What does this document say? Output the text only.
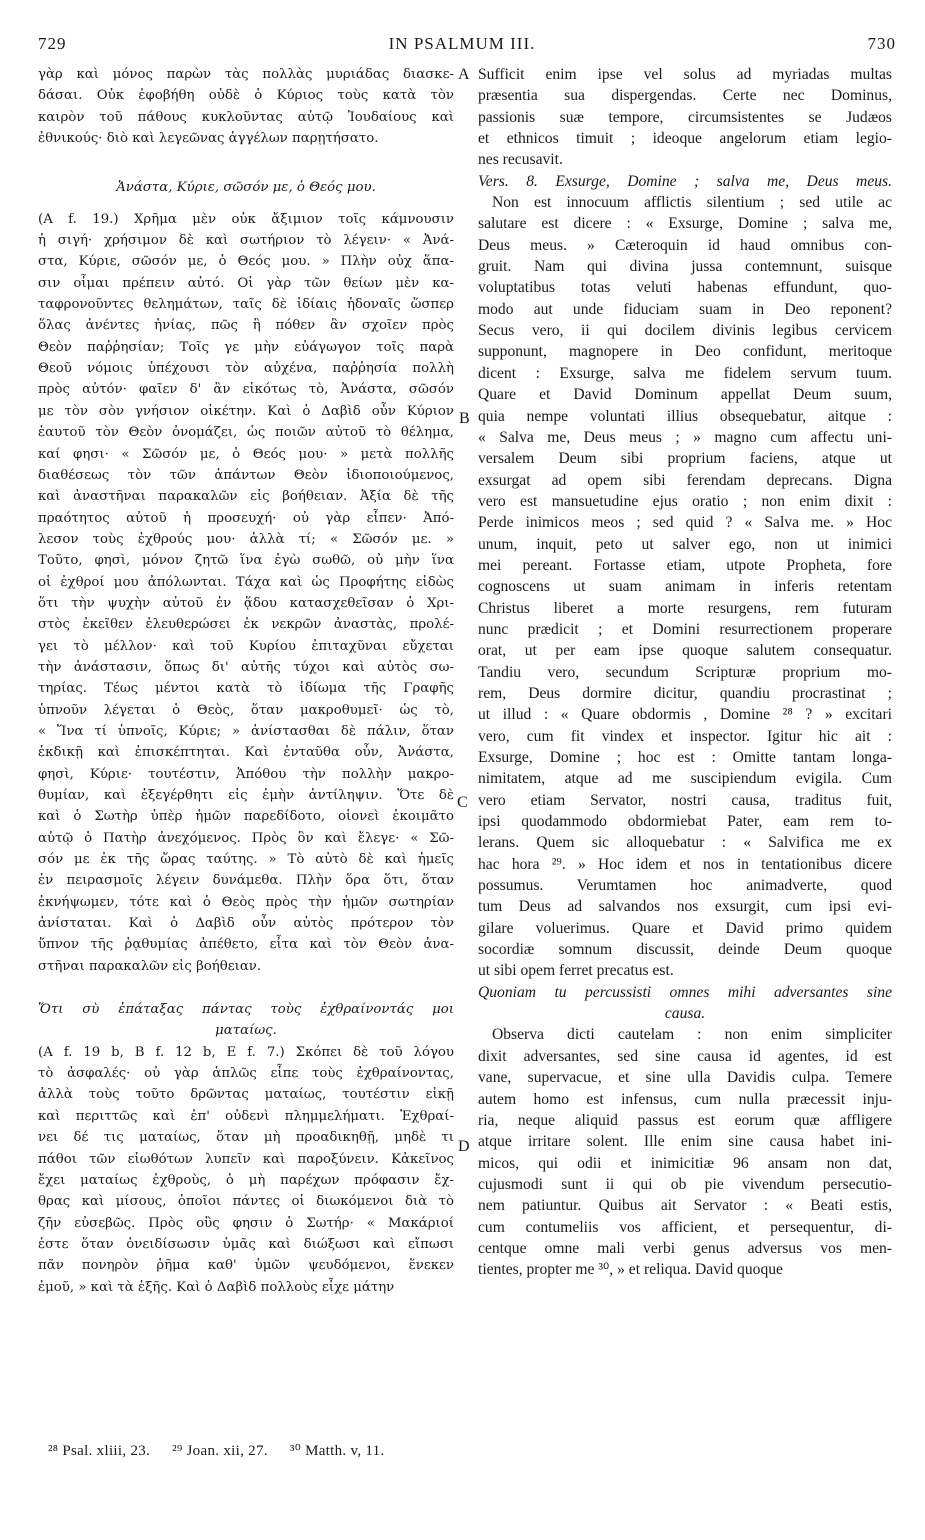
729	IN PSALMUM III.	730
A
B
C
D
γὰρ καὶ μόνος παρὼν τὰς πολλὰς μυριάδας διασκε-
δάσαι. Οὐκ ἐφοβήθη οὐδὲ ὁ Κύριος τοὺς κατὰ τὸν
καιρὸν τοῦ πάθους κυκλοῦντας αὐτῷ Ἰουδαίους καὶ
ἐθνικούς· διὸ καὶ λεγεῶνας ἀγγέλων παρῃτήσατο.
Ἀνάστα, Κύριε, σῶσόν με, ὁ Θεός μου.
(A f. 19.) Χρῆμα μὲν οὐκ ἄξιμιον τοῖς κάμνουσιν
ἡ σιγή· χρήσιμον δὲ καὶ σωτήριον τὸ λέγειν· « Ἀνά-
στα, Κύριε, σῶσόν με, ὁ Θεός μου. » Πλὴν οὐχ ἅπα-
σιν οἶμαι πρέπειν αὐτό. Οἱ γὰρ τῶν θείων μὲν κα-
ταφρονοῦντες θελημάτων, ταῖς δὲ ἰδίαις ἡδοναῖς ὥσπερ
ὅλας ἀνέντες ἡνίας, πῶς ἢ πόθεν ἂν σχοῖεν πρὸς
Θεὸν παῤῥησίαν; Τοῖς γε μὴν εὐάγωγον τοῖς παρὰ
Θεοῦ νόμοις ὑπέχουσι τὸν αὐχένα, παῤῥησία πολλὴ
πρὸς αὐτόν· φαῖεν δ' ἂν εἰκότως τὸ, Ἀνάστα, σῶσόν
με τὸν σὸν γνήσιον οἰκέτην. Καὶ ὁ Δαβὶδ οὖν Κύριον
ἑαυτοῦ τὸν Θεὸν ὀνομάζει, ὡς ποιῶν αὐτοῦ τὸ θέλημα,
καί φησι· « Σῶσόν με, ὁ Θεός μου· » μετὰ πολλῆς
διαθέσεως τὸν τῶν ἁπάντων Θεὸν ἰδιοποιούμενος,
καὶ ἀναστῆναι παρακαλῶν εἰς βοήθειαν. Ἀξία δὲ τῆς
πραότητος αὐτοῦ ἡ προσευχή· οὐ γὰρ εἶπεν· Ἀπό-
λεσον τοὺς ἐχθρούς μου· ἀλλὰ τί; « Σῶσόν με. »
Τοῦτο, φησὶ, μόνον ζητῶ ἵνα ἐγὼ σωθῶ, οὐ μὴν ἵνα
οἱ ἐχθροί μου ἀπόλωνται. Τάχα καὶ ὡς Προφήτης εἰδὼς
ὅτι τὴν ψυχὴν αὐτοῦ ἐν ᾅδου κατασχεθεῖσαν ὁ Χρι-
στὸς ἐκεῖθεν ἐλευθερώσει ἐκ νεκρῶν ἀναστὰς, προλέ-
γει τὸ μέλλον· καὶ τοῦ Κυρίου ἐπιταχῦναι εὔχεται
τὴν ἀνάστασιν, ὅπως δι' αὐτῆς τύχοι καὶ αὐτὸς σω-
τηρίας. Τέως μέντοι κατὰ τὸ ἰδίωμα τῆς Γραφῆς
ὑπνοῦν λέγεται ὁ Θεὸς, ὅταν μακροθυμεῖ· ὡς τὸ,
« Ἵνα τί ὑπνοῖς, Κύριε; » ἀνίστασθαι δὲ πάλιν, ὅταν
ἐκδικῇ καὶ ἐπισκέπτηται. Καὶ ἐνταῦθα οὖν, Ἀνάστα,
φησὶ, Κύριε· τουτέστιν, Ἀπόθου τὴν πολλὴν μακρο-
θυμίαν, καὶ ἐξεγέρθητι εἰς ἐμὴν ἀντίληψιν. Ὅτε δὲ
καὶ ὁ Σωτὴρ ὑπὲρ ἡμῶν παρεδίδοτο, οἱονεὶ ἐκοιμᾶτο
αὐτῷ ὁ Πατὴρ ἀνεχόμενος. Πρὸς ὃν καὶ ἔλεγε· « Σῶ-
σόν με ἐκ τῆς ὥρας ταύτης. » Τὸ αὐτὸ δὲ καὶ ἡμεῖς
ἐν πειρασμοῖς λέγειν δυνάμεθα. Πλὴν ὅρα ὅτι, ὅταν
ἐκνήψωμεν, τότε καὶ ὁ Θεὸς πρὸς τὴν ἡμῶν σωτηρίαν
ἀνίσταται. Καὶ ὁ Δαβὶδ οὖν αὐτὸς πρότερον τὸν
ὕπνον τῆς ῥᾳθυμίας ἀπέθετο, εἶτα καὶ τὸν Θεὸν ἀνα-
στῆναι παρακαλῶν εἰς βοήθειαν.
Ὅτι σὺ ἐπάταξας πάντας τοὺς ἐχθραίνοντάς μοι
ματαίως.
(A f. 19 b, B f. 12 b, E f. 7.) Σκόπει δὲ τοῦ λόγου
τὸ ἀσφαλές· οὐ γὰρ ἁπλῶς εἶπε τοὺς ἐχθραίνοντας,
ἀλλὰ τοὺς τοῦτο δρῶντας ματαίως, τουτέστιν εἰκῇ
καὶ περιττῶς καὶ ἐπ' οὐδενὶ πλημμελήματι. Ἐχθραί-
νει δέ τις ματαίως, ὅταν μὴ προαδικηθῇ, μηδὲ τι
πάθοι τῶν εἰωθότων λυπεῖν καὶ παροξύνειν. Κἀκεῖνος
ἔχει ματαίως ἐχθροὺς, ὁ μὴ παρέχων πρόφασιν ἔχ-
θρας καὶ μίσους, ὁποῖοι πάντες οἱ διωκόμενοι διὰ τὸ
ζῆν εὐσεβῶς. Πρὸς οὓς φησιν ὁ Σωτήρ· « Μακάριοί
ἐστε ὅταν ὀνειδίσωσιν ὑμᾶς καὶ διώξωσι καὶ εἴπωσι
πᾶν πονηρὸν ῥῆμα καθ' ὑμῶν ψευδόμενοι, ἕνεκεν
ἐμοῦ, » καὶ τὰ ἑξῆς. Καὶ ὁ Δαβὶδ πολλοὺς εἶχε μάτην
Sufficit enim ipse vel solus ad myriadas multas
præsentia sua dispergendas. Certe nec Dominus,
passionis suæ tempore, circumsistentes se Judæos
et ethnicos timuit ; ideoque angelorum etiam legio-
nes recusavit.
Vers. 8. Exsurge, Domine ; salva me, Deus meus.
Non est innocuum afflictis silentium ; sed utile ac
salutare est dicere : « Exsurge, Domine ; salva me,
Deus meus. » Cæteroquin id haud omnibus con-
gruit. Nam qui divina jussa contemnunt, suisque
voluptatibus totas veluti habenas effundunt, quo-
modo aut unde fiduciam suam in Deo reponent?
Secus vero, ii qui docilem divinis legibus cervicem
supponunt, magnopere in Deo confidunt, meritoque
dicent : Exsurge, salva me fidelem servum tuum.
Quare et David Dominum appellat Deum suum,
quia nempe voluntati illius obsequebatur, aitque :
« Salva me, Deus meus ; » magno cum affectu uni-
versalem Deum sibi proprium faciens, atque ut
exsurgat ad opem sibi ferendam deprecans. Digna
vero est mansuetudine ejus oratio ; non enim dixit :
Perde inimicos meos ; sed quid ? « Salva me. » Hoc
unum, inquit, peto ut salver ego, non ut inimici
mei pereant. Fortasse etiam, utpote Propheta, fore
cognoscens ut suam animam in inferis retentam
Christus liberet a morte resurgens, rem futuram
nunc prædicit ; et Domini resurrectionem properare
orat, ut per eam ipse quoque salutem consequatur.
Tandiu vero, secundum Scripturæ proprium mo-
rem, Deus dormire dicitur, quandiu procrastinat ;
ut illud : « Quare obdormis , Domine ²⁸ ? » excitari
vero, cum fit vindex et inspector. Igitur hic ait :
Exsurge, Domine ; hoc est : Omitte tantam longa-
nimitatem, atque ad me suscipiendum evigila. Cum
vero etiam Servator, nostri causa, traditus fuit,
ipsi quodammodo obdormiebat Pater, eam rem to-
lerans. Quem sic alloquebatur : « Salvifica me ex
hac hora ²⁹. » Hoc idem et nos in tentationibus dicere
possumus. Verumtamen hoc animadverte, quod
tum Deus ad salvandos nos exsurgit, cum ipsi evi-
gilare voluerimus. Quare et David primo quidem
socordiæ somnum discussit, deinde Deum quoque
ut sibi opem ferret precatus est.
Quoniam tu percussisti omnes mihi adversantes sine
causa.
Observa dicti cautelam : non enim simpliciter
dixit adversantes, sed sine causa id agentes, id est
vane, supervacue, et sine ulla Davidis culpa. Temere
autem homo est infensus, cum nulla præcessit inju-
ria, neque aliquid passus est eorum quæ affligere
atque irritare solent. Ille enim sine causa habet ini-
micos, qui odii et inimicitiæ 96 ansam non dat,
cujusmodi sunt ii qui ob pie vivendum persecutio-
nem patiuntur. Quibus ait Servator : « Beati estis,
cum contumeliis vos afficient, et persequentur, di-
centque omne mali verbi genus adversus vos men-
tientes, propter me ³⁰, » et reliqua. David quoque
²⁸ Psal. xliii, 23. ²⁹ Joan. xii, 27. ³⁰ Matth. v, 11.
